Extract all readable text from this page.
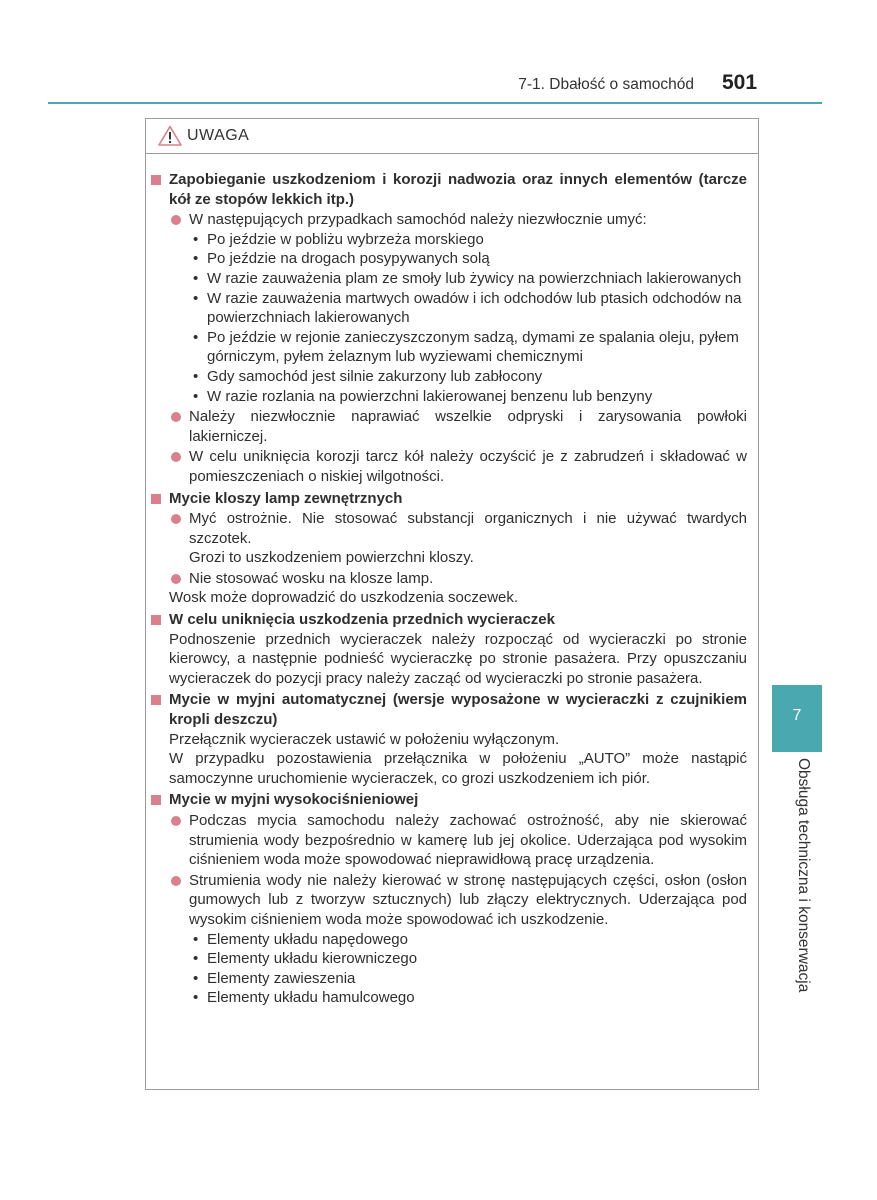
7-1. Dbałość o samochód 501
UWAGA
Zapobieganie uszkodzeniom i korozji nadwozia oraz innych elementów (tarcze kół ze stopów lekkich itp.)
W następujących przypadkach samochód należy niezwłocznie umyć:
• Po jeździe w pobliżu wybrzeża morskiego
• Po jeździe na drogach posypywanych solą
• W razie zauważenia plam ze smoły lub żywicy na powierzchniach lakierowanych
• W razie zauważenia martwych owadów i ich odchodów lub ptasich odchodów na powierzchniach lakierowanych
• Po jeździe w rejonie zanieczyszczonym sadzą, dymami ze spalania oleju, pyłem górniczym, pyłem żelaznym lub wyziewami chemicznymi
• Gdy samochód jest silnie zakurzony lub zabłocony
• W razie rozlania na powierzchni lakierowanej benzenu lub benzyny
Należy niezwłocznie naprawiać wszelkie odpryski i zarysowania powłoki lakierniczej.
W celu uniknięcia korozji tarcz kół należy oczyścić je z zabrudzeń i składować w pomieszczeniach o niskiej wilgotności.
Mycie kloszy lamp zewnętrznych
Myć ostrożnie. Nie stosować substancji organicznych i nie używać twardych szczotek.
Grozi to uszkodzeniem powierzchni kloszy.
Nie stosować wosku na klosze lamp.
Wosk może doprowadzić do uszkodzenia soczewek.
W celu uniknięcia uszkodzenia przednich wycieraczek
Podnoszenie przednich wycieraczek należy rozpocząć od wycieraczki po stronie kierowcy, a następnie podnieść wycieraczkę po stronie pasażera. Przy opuszczaniu wycieraczek do pozycji pracy należy zacząć od wycieraczki po stronie pasażera.
Mycie w myjni automatycznej (wersje wyposażone w wycieraczki z czujnikiem kropli deszczu)
Przełącznik wycieraczek ustawić w położeniu wyłączonym.
W przypadku pozostawienia przełącznika w położeniu „AUTO” może nastąpić samoczynne uruchomienie wycieraczek, co grozi uszkodzeniem ich piór.
Mycie w myjni wysokociśnieniowej
Podczas mycia samochodu należy zachować ostrożność, aby nie skierować strumienia wody bezpośrednio w kamerę lub jej okolice. Uderzająca pod wysokim ciśnieniem woda może spowodować nieprawidłową pracę urządzenia.
Strumienia wody nie należy kierować w stronę następujących części, osłon (osłon gumowych lub z tworzyw sztucznych) lub złączy elektrycznych. Uderzająca pod wysokim ciśnieniem woda może spowodować ich uszkodzenie.
• Elementy układu napędowego
• Elementy układu kierowniczego
• Elementy zawieszenia
• Elementy układu hamulcowego
7
Obsługa techniczna i konserwacja
